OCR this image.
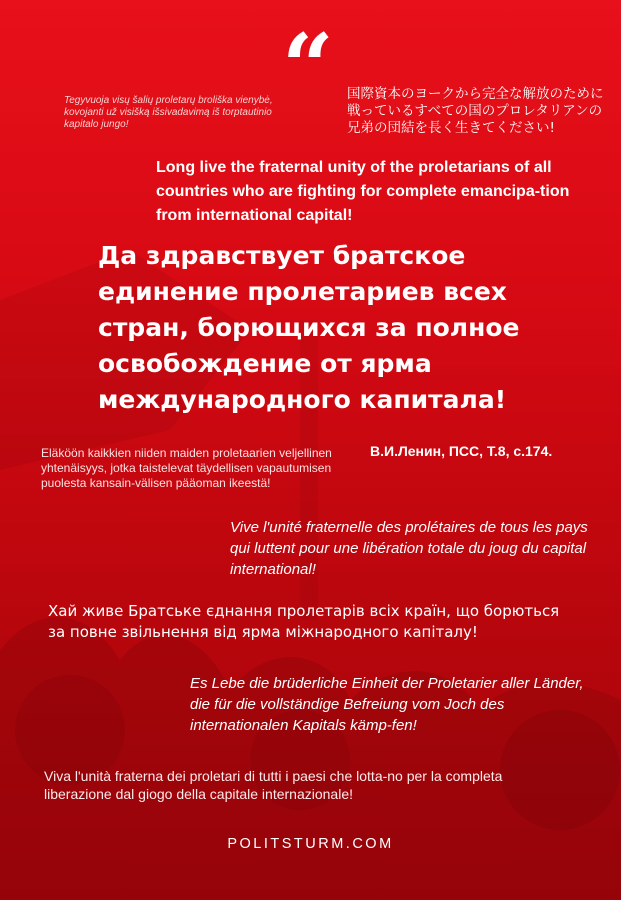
“

Tegyvuoja visų šalių proletarų broliška vienybė, kovojanti už visišką išsivadavimą iš torptautinio kapitalo jungo!

国際資本のヨークから完全な解放のために戦っているすべての国のプロレタリアンの兄弟の団結を長く生きてください!

Long live the fraternal unity of the proletarians of all countries who are fighting for complete emancipa-tion from international capital!

Да здравствует братское единение пролетариев всех стран, борющихся за полное освобождение от ярма международного капитала!

В.И.Ленин, ПСС, Т.8, с.174.

Eläköön kaikkien niiden maiden proletaarien veljellinen yhtenäisyys, jotka taistelevat täydellisen vapautumisen puolesta kansain-välisen pääoman ikeestä!

Vive l'unité fraternelle des prolétaires de tous les pays qui luttent pour une libération totale du joug du capital international!

Хай живе Братське єднання пролетарів всіх країн, що борються за повне звільнення від ярма міжнародного капіталу!

Es Lebe die brüderliche Einheit der Proletarier aller Länder, die für die vollständige Befreiung vom Joch des internationalen Kapitals kämp-fen!

Viva l'unità fraterna dei proletari di tutti i paesi che lotta-no per la completa liberazione dal giogo della capitale internazionale!

POLITSTURM.COM
